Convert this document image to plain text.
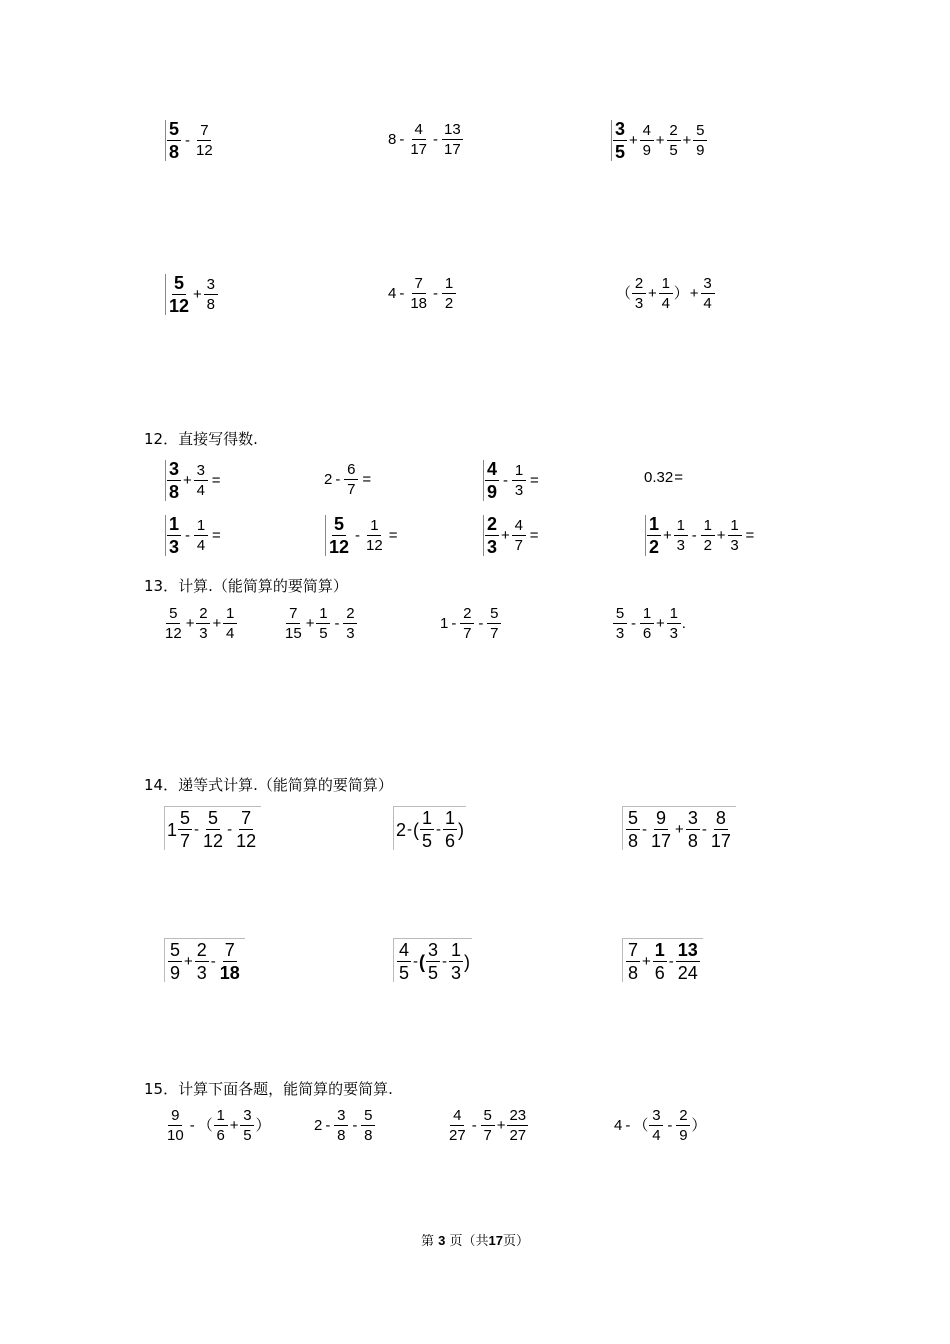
$\frac{5}{8} - \frac{7}{12}$	$8 - \frac{4}{17} - \frac{13}{17}$	$\frac{3}{5} + \frac{4}{9} + \frac{2}{5} + \frac{5}{9}$
$\frac{5}{12} + \frac{3}{8}$	$4 - \frac{7}{18} - \frac{1}{2}$	（ $\frac{2}{3} + \frac{1}{4}$ ） + $\frac{3}{4}$
12．直接写得数.
$\frac{3}{8} + \frac{3}{4}$ =	$2 - \frac{6}{7}$ =	$\frac{4}{9} - \frac{1}{3}$ =	0.3 2 =
$\frac{1}{3} - \frac{1}{4}$ =	$\frac{5}{12} - \frac{1}{12}$ =	$\frac{2}{3} + \frac{4}{7}$ =	$\frac{1}{2} + \frac{1}{3} - \frac{1}{2} + \frac{1}{3}$ =
13．计算.（能简算的要简算）
$\frac{5}{12} + \frac{2}{3} + \frac{1}{4}$	$\frac{7}{15} + \frac{1}{5} - \frac{2}{3}$	$1 - \frac{2}{7} - \frac{5}{7}$	$\frac{5}{3} - \frac{1}{6} + \frac{1}{3}$ .
14．递等式计算.（能简算的要简算）
$1 \frac{5}{7} - \frac{5}{12} - \frac{7}{12}$	2 - ( $\frac{1}{5} - \frac{1}{6}$ )	$\frac{5}{8} - \frac{9}{17} + \frac{3}{8} - \frac{8}{17}$
$\frac{5}{9} + \frac{2}{3} - \frac{7}{18}$	$\frac{4}{5}$ - ( $\frac{3}{5} - \frac{1}{3}$ )	$\frac{7}{8} + \frac{1}{6} - \frac{13}{24}$
15．计算下面各题，能简算的要简算.
$\frac{9}{10}$ - （ $\frac{1}{6} + \frac{3}{5}$ ）	$2 - \frac{3}{8} - \frac{5}{8}$	$\frac{4}{27} - \frac{5}{7} + \frac{23}{27}$	4 - （ $\frac{3}{4} - \frac{2}{9}$ ）
第 3 页（共17页）
